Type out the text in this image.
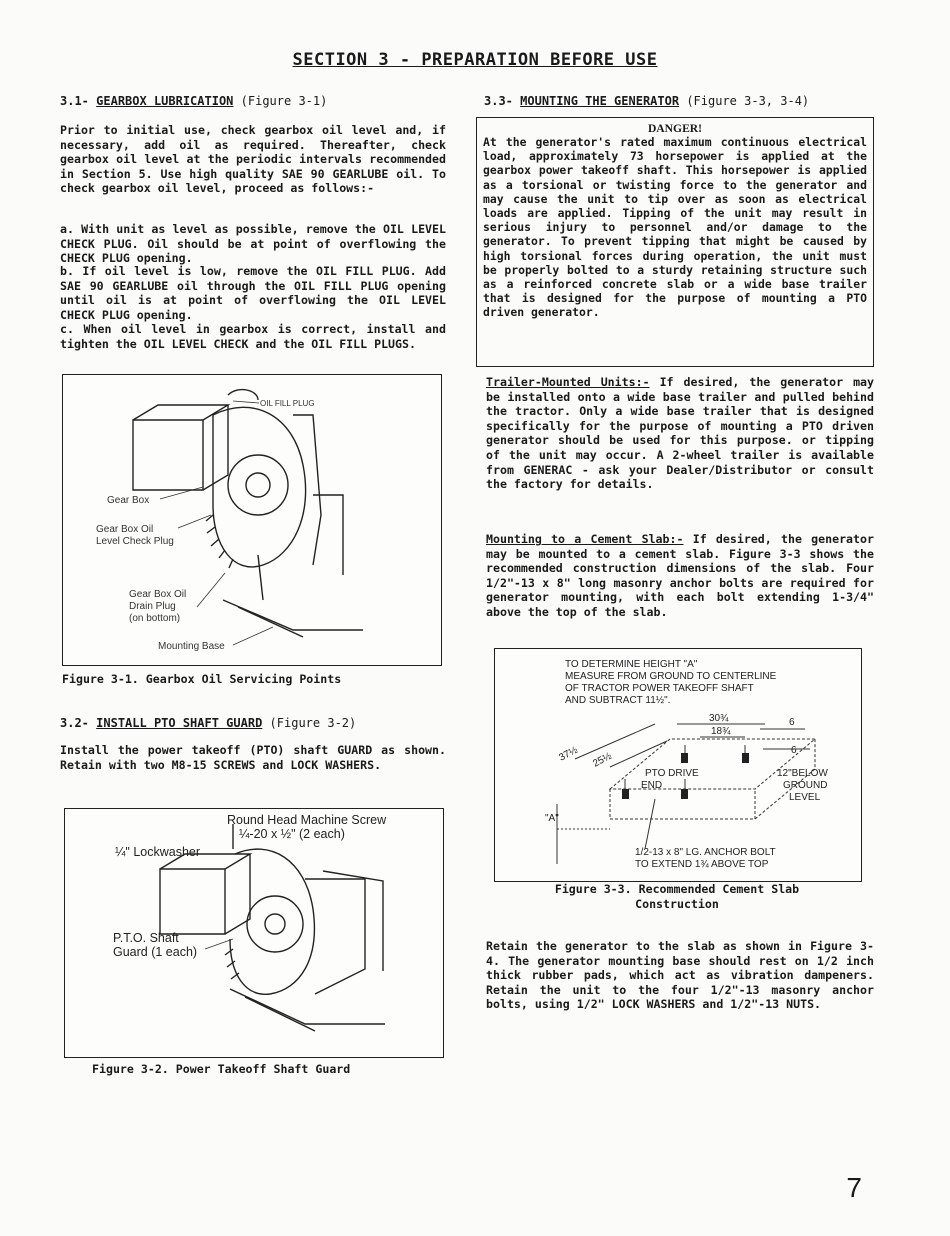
SECTION 3 - PREPARATION BEFORE USE
3.1- GEARBOX LUBRICATION (Figure 3-1)

Prior to initial use, check gearbox oil level and, if necessary, add oil as required. Thereafter, check gearbox oil level at the periodic intervals recommended in Section 5. Use high quality SAE 90 GEARLUBE oil. To check gearbox oil level, proceed as follows:-

a. With unit as level as possible, remove the OIL LEVEL CHECK PLUG. Oil should be at point of overflowing the CHECK PLUG opening.

b. If oil level is low, remove the OIL FILL PLUG. Add SAE 90 GEARLUBE oil through the OIL FILL PLUG opening until oil is at point of overflowing the OIL LEVEL CHECK PLUG opening.

c. When oil level in gearbox is correct, install and tighten the OIL LEVEL CHECK and the OIL FILL PLUGS.

OIL FILL PLUG
Gear Box
Gear Box Oil
Level Check Plug
Gear Box Oil
Drain Plug
(on bottom)
Mounting Base
Figure 3-1. Gearbox Oil Servicing Points
3.2- INSTALL PTO SHAFT GUARD (Figure 3-2)

Install the power takeoff (PTO) shaft GUARD as shown. Retain with two M8-15 SCREWS and LOCK WASHERS.

Round Head Machine Screw
¼-20 x ½" (2 each)
¼" Lockwasher
P.T.O. Shaft
Guard (1 each)
Figure 3-2. Power Takeoff Shaft Guard
3.3- MOUNTING THE GENERATOR (Figure 3-3, 3-4)
DANGER!

At the generator's rated maximum continuous electrical load, approximately 73 horsepower is applied at the gearbox power takeoff shaft. This horsepower is applied as a torsional or twisting force to the generator and may cause the unit to tip over as soon as electrical loads are applied. Tipping of the unit may result in serious injury to personnel and/or damage to the generator. To prevent tipping that might be caused by high torsional forces during operation, the unit must be properly bolted to a sturdy retaining structure such as a reinforced concrete slab or a wide base trailer that is designed for the purpose of mounting a PTO driven generator.

Trailer-Mounted Units:- If desired, the generator may be installed onto a wide base trailer and pulled behind the tractor. Only a wide base trailer that is designed specifically for the purpose of mounting a PTO driven generator should be used for this purpose. or tipping of the unit may occur. A 2-wheel trailer is available from GENERAC - ask your Dealer/Distributor or consult the factory for details.

Mounting to a Cement Slab:- If desired, the generator may be mounted to a cement slab. Figure 3-3 shows the recommended construction dimensions of the slab. Four 1/2"-13 x 8" long masonry anchor bolts are required for generator mounting, with each bolt extending 1-3/4" above the top of the slab.

TO DETERMINE HEIGHT "A"
MEASURE FROM GROUND TO CENTERLINE
OF TRACTOR POWER TAKEOFF SHAFT
AND SUBTRACT 11½".
30¾
18¾
6
6
37½ 25½
PTO DRIVE
END
12"BELOW
GROUND
LEVEL
"A"
1/2-13 x 8" LG. ANCHOR BOLT
TO EXTEND 1¾ ABOVE TOP
Figure 3-3. Recommended Cement Slab
Construction

Retain the generator to the slab as shown in Figure 3-4. The generator mounting base should rest on 1/2 inch thick rubber pads, which act as vibration dampeners. Retain the unit to the four 1/2"-13 masonry anchor bolts, using 1/2" LOCK WASHERS and 1/2"-13 NUTS.

7
